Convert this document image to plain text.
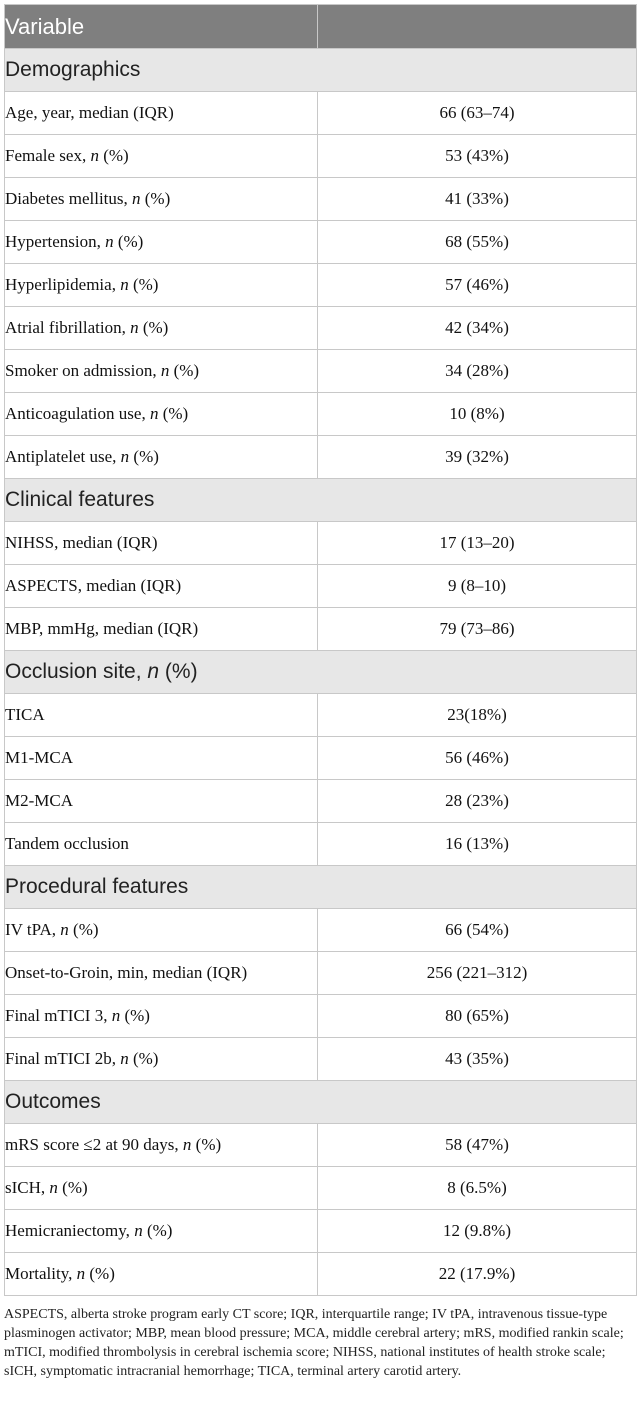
Variable	
Demographics	
Age, year, median (IQR)	66 (63–74)
Female sex, n (%)	53 (43%)
Diabetes mellitus, n (%)	41 (33%)
Hypertension, n (%)	68 (55%)
Hyperlipidemia, n (%)	57 (46%)
Atrial fibrillation, n (%)	42 (34%)
Smoker on admission, n (%)	34 (28%)
Anticoagulation use, n (%)	10 (8%)
Antiplatelet use, n (%)	39 (32%)
Clinical features	
NIHSS, median (IQR)	17 (13–20)
ASPECTS, median (IQR)	9 (8–10)
MBP, mmHg, median (IQR)	79 (73–86)
Occlusion site, n (%)	
TICA	23(18%)
M1-MCA	56 (46%)
M2-MCA	28 (23%)
Tandem occlusion	16 (13%)
Procedural features	
IV tPA, n (%)	66 (54%)
Onset-to-Groin, min, median (IQR)	256 (221–312)
Final mTICI 3, n (%)	80 (65%)
Final mTICI 2b, n (%)	43 (35%)
Outcomes	
mRS score ≤2 at 90 days, n (%)	58 (47%)
sICH, n (%)	8 (6.5%)
Hemicraniectomy, n (%)	12 (9.8%)
Mortality, n (%)	22 (17.9%)

ASPECTS, alberta stroke program early CT score; IQR, interquartile range; IV tPA, intravenous tissue-type plasminogen activator; MBP, mean blood pressure; MCA, middle cerebral artery; mRS, modified rankin scale; mTICI, modified thrombolysis in cerebral ischemia score; NIHSS, national institutes of health stroke scale; sICH, symptomatic intracranial hemorrhage; TICA, terminal artery carotid artery.
